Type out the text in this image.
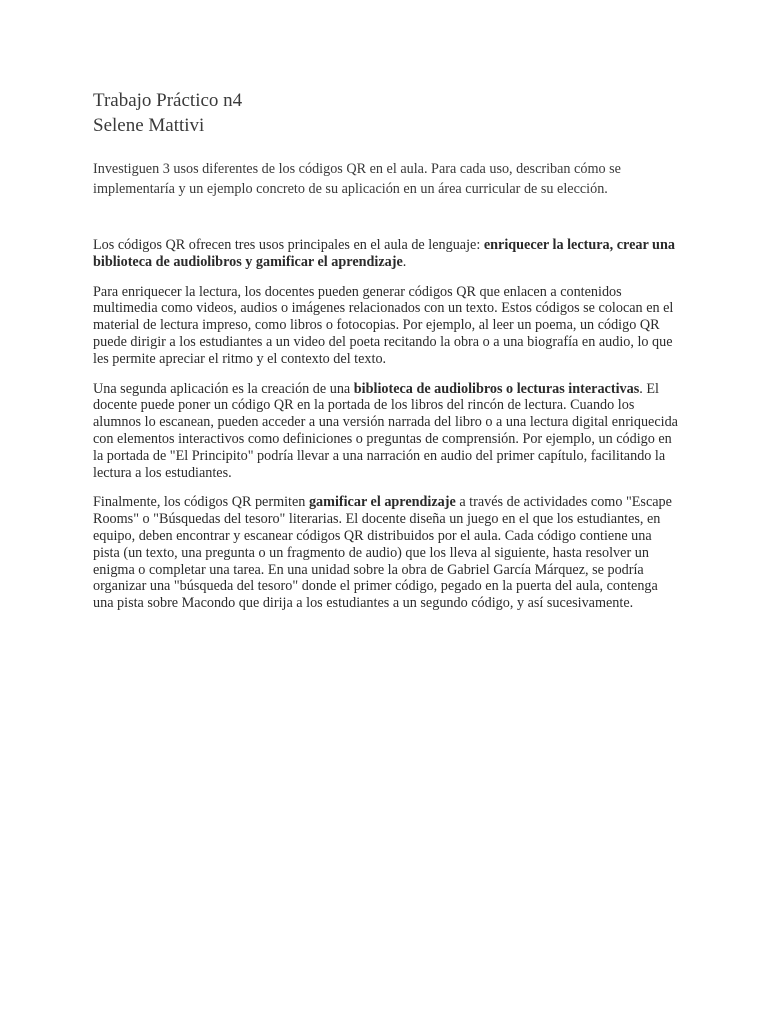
Trabajo Práctico n4
Selene Mattivi

Investiguen 3 usos diferentes de los códigos QR en el aula. Para cada uso, describan cómo se implementaría y un ejemplo concreto de su aplicación en un área curricular de su elección.

Los códigos QR ofrecen tres usos principales en el aula de lenguaje: enriquecer la lectura, crear una biblioteca de audiolibros y gamificar el aprendizaje.

Para enriquecer la lectura, los docentes pueden generar códigos QR que enlacen a contenidos multimedia como videos, audios o imágenes relacionados con un texto. Estos códigos se colocan en el material de lectura impreso, como libros o fotocopias. Por ejemplo, al leer un poema, un código QR puede dirigir a los estudiantes a un video del poeta recitando la obra o a una biografía en audio, lo que les permite apreciar el ritmo y el contexto del texto.

Una segunda aplicación es la creación de una biblioteca de audiolibros o lecturas interactivas. El docente puede poner un código QR en la portada de los libros del rincón de lectura. Cuando los alumnos lo escanean, pueden acceder a una versión narrada del libro o a una lectura digital enriquecida con elementos interactivos como definiciones o preguntas de comprensión. Por ejemplo, un código en la portada de "El Principito" podría llevar a una narración en audio del primer capítulo, facilitando la lectura a los estudiantes.

Finalmente, los códigos QR permiten gamificar el aprendizaje a través de actividades como "Escape Rooms" o "Búsquedas del tesoro" literarias. El docente diseña un juego en el que los estudiantes, en equipo, deben encontrar y escanear códigos QR distribuidos por el aula. Cada código contiene una pista (un texto, una pregunta o un fragmento de audio) que los lleva al siguiente, hasta resolver un enigma o completar una tarea. En una unidad sobre la obra de Gabriel García Márquez, se podría organizar una "búsqueda del tesoro" donde el primer código, pegado en la puerta del aula, contenga una pista sobre Macondo que dirija a los estudiantes a un segundo código, y así sucesivamente.
